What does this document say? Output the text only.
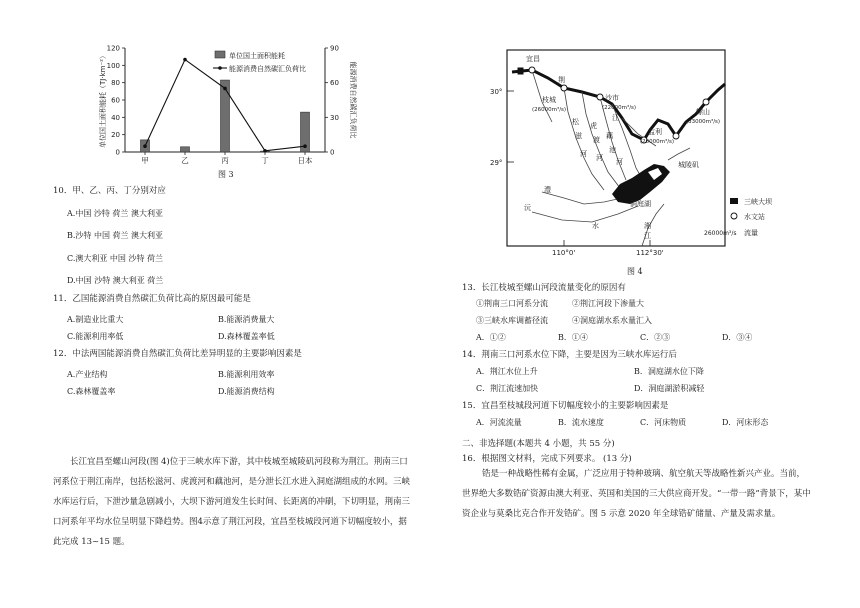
0
20
40
60
80
100
120
0
30
60
90
单位国土面积能耗（TJ·km⁻²）	能源消费自然碳汇负荷比
甲	乙	丙	丁	日本
单位国土面积能耗
能源消费自然碳汇负荷比
图 3
10．甲、乙、丙、丁分别对应
A.中国 沙特 荷兰 澳大利亚
B.沙特 中国 荷兰 澳大利亚
C.澳大利亚 中国 沙特 荷兰
D.中国 沙特 澳大利亚 荷兰
11．乙国能源消费自然碳汇负荷比高的原因最可能是
A.制造业比重大	B.能源消费量大
C.能源利用率低	D.森林覆盖率低
12．中法两国能源消费自然碳汇负荷比差异明显的主要影响因素是
A.产业结构	B.能源利用效率
C.森林覆盖率	D.能源消费结构
长江宜昌至螺山河段(图 4)位于三峡水库下游，其中枝城至城陵矶河段称为荆江。荆南三口河系位于荆江南岸，包括松滋河、虎渡河和藕池河，是分泄长江水进入洞庭湖组成的水网。三峡水库运行后，下泄沙量急剧减小，大坝下游河道发生长时间、长距离的冲刷，下切明显，荆南三口河系年平均水位呈明显下降趋势。图4示意了荆江河段，宜昌至枝城段河道下切幅度较小，据此完成 13~15 题。
宜昌
枝城
(26000m³/s)
沙市
(22000m³/s)
监利
(20000m³/s)
螺山
(33000m³/s)
城陵矶
洞庭湖
荆
江
松
滋
虎
渡 藕
池
河 河 河
沅
水
澧
湘
江
30°
29°
110°0'	112°30'
三峡大坝
水文站
26000m³/s 流量
图 4
13．长江枝城至螺山河段流量变化的原因有
①荆南三口河系分流	②荆江河段下渗量大
③三峡水库调蓄径流	④洞庭湖水系水量汇入
A．①②	B．①④	C．②③	D．③④
14．荆南三口河系水位下降，主要是因为三峡水库运行后
A．荆江水位上升	B．洞庭湖水位下降
C．荆江流速加快	D．洞庭湖淤积减轻
15．宜昌至枝城段河道下切幅度较小的主要影响因素是
A．河流流量	B．流水速度	C．河床物质	D．河床形态
二、非选择题(本题共 4 小题，共 55 分)
16．根据图文材料，完成下列要求。 (13 分)
锆是一种战略性稀有金属，广泛应用于特种玻璃、航空航天等战略性新兴产业。当前，世界绝大多数锆矿资源由澳大利亚、英国和美国的三大供应商开发。“一带一路”背景下，某中资企业与莫桑比克合作开发锆矿。图 5 示意 2020 年全球锆矿储量、产量及需求量。
